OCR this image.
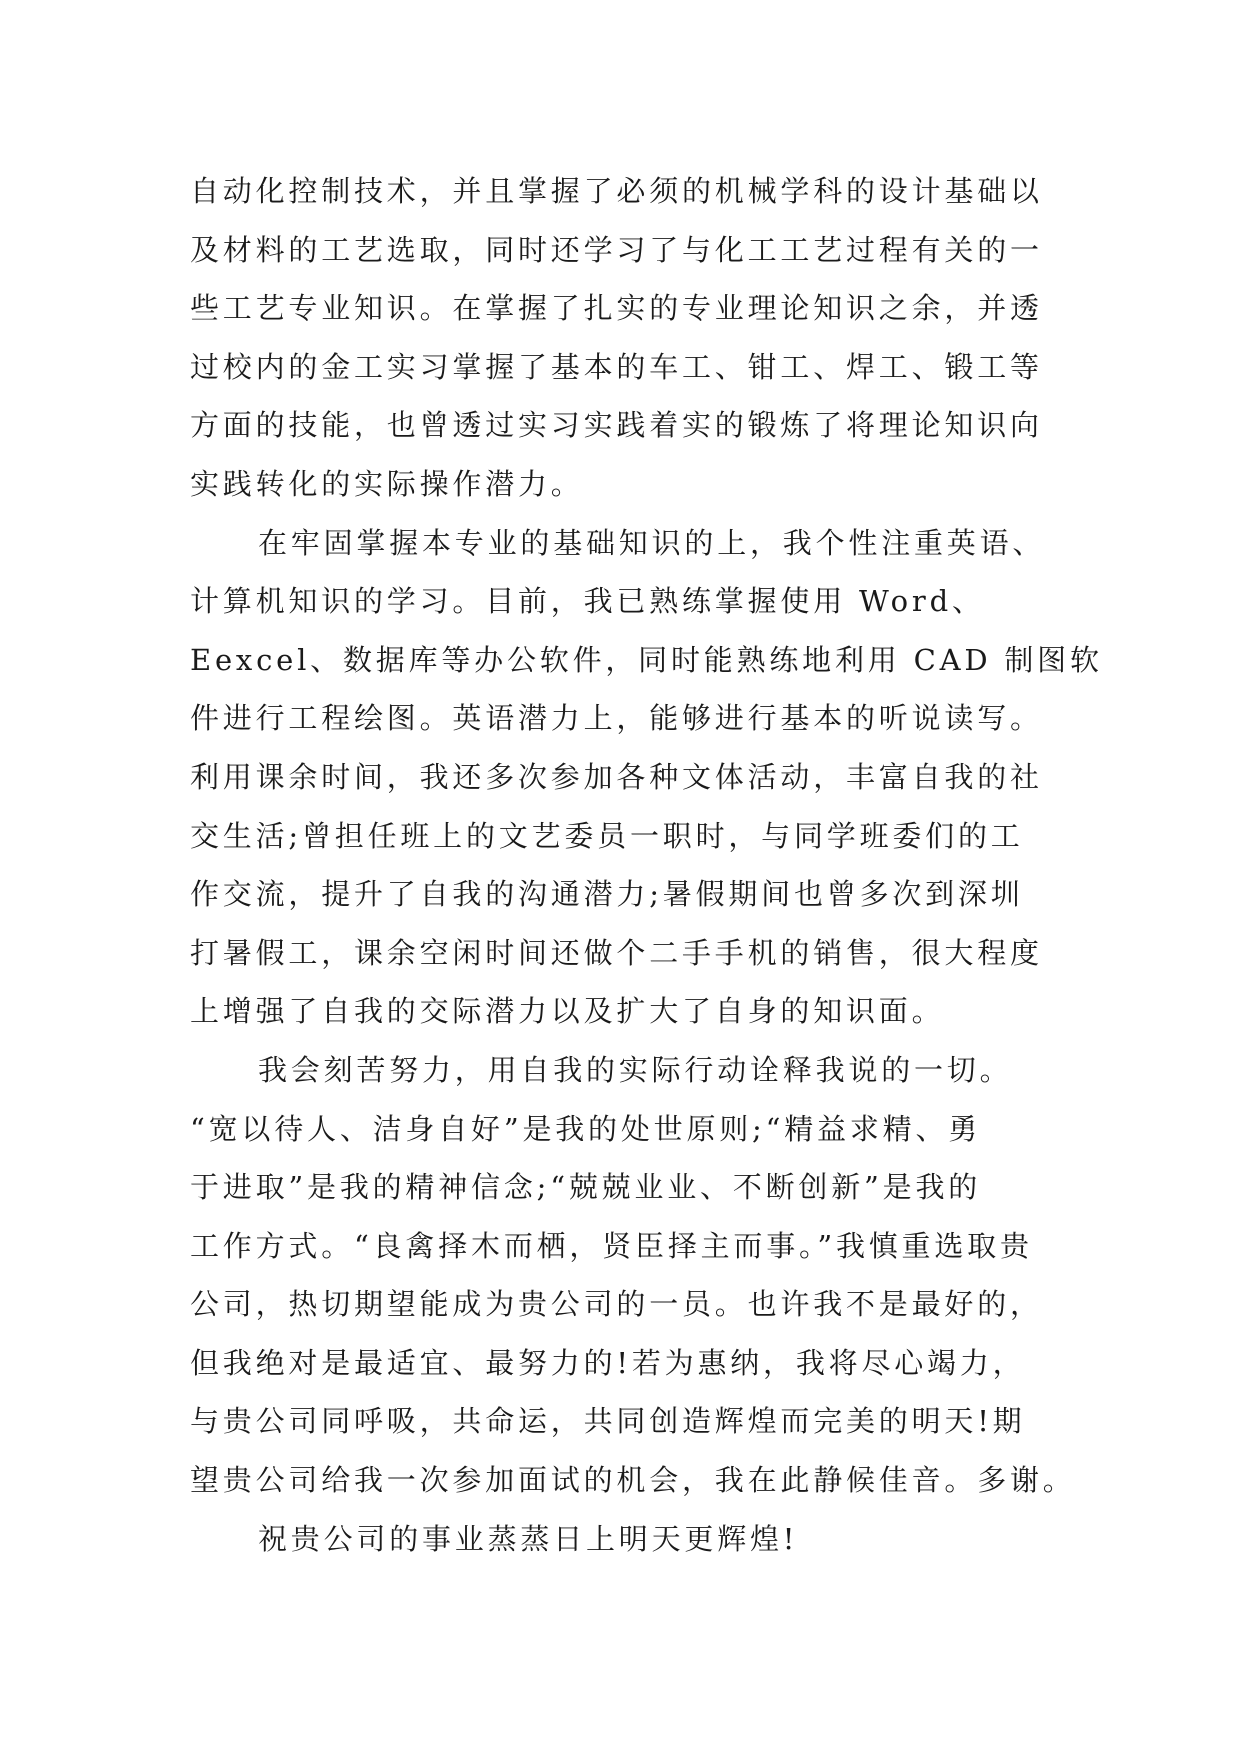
自动化控制技术，并且掌握了必须的机械学科的设计基础以
及材料的工艺选取，同时还学习了与化工工艺过程有关的一
些工艺专业知识。在掌握了扎实的专业理论知识之余，并透
过校内的金工实习掌握了基本的车工、钳工、焊工、锻工等
方面的技能，也曾透过实习实践着实的锻炼了将理论知识向
实践转化的实际操作潜力。
在牢固掌握本专业的基础知识的上，我个性注重英语、
计算机知识的学习。目前，我已熟练掌握使用 Word、
Eexcel、数据库等办公软件，同时能熟练地利用 CAD 制图软
件进行工程绘图。英语潜力上，能够进行基本的听说读写。
利用课余时间，我还多次参加各种文体活动，丰富自我的社
交生活;曾担任班上的文艺委员一职时，与同学班委们的工
作交流，提升了自我的沟通潜力;暑假期间也曾多次到深圳
打暑假工，课余空闲时间还做个二手手机的销售，很大程度
上增强了自我的交际潜力以及扩大了自身的知识面。
我会刻苦努力，用自我的实际行动诠释我说的一切。
“宽以待人、洁身自好”是我的处世原则;“精益求精、勇
于进取”是我的精神信念;“兢兢业业、不断创新”是我的
工作方式。“良禽择木而栖，贤臣择主而事。”我慎重选取贵
公司，热切期望能成为贵公司的一员。也许我不是最好的，
但我绝对是最适宜、最努力的!若为惠纳，我将尽心竭力，
与贵公司同呼吸，共命运，共同创造辉煌而完美的明天!期
望贵公司给我一次参加面试的机会，我在此静候佳音。多谢。
祝贵公司的事业蒸蒸日上明天更辉煌!
